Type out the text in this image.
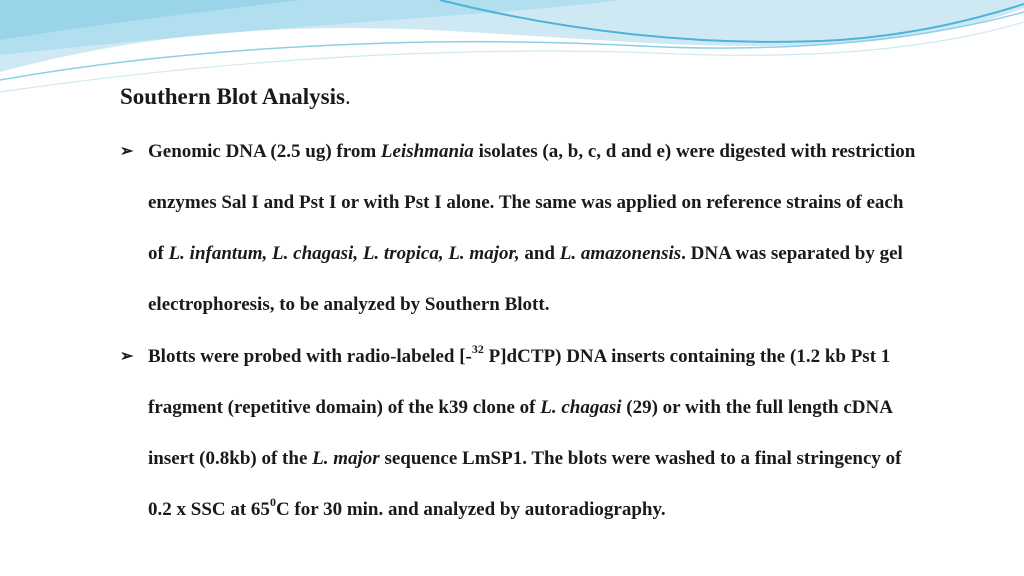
Southern Blot Analysis.
➢ Genomic DNA (2.5 ug) from Leishmania isolates (a, b, c, d and e) were digested with restriction
enzymes Sal I and Pst I or with Pst I alone. The same was applied on reference strains of each
of L. infantum, L. chagasi, L. tropica, L. major, and L. amazonensis. DNA was separated by gel
electrophoresis, to be analyzed by Southern Blott.
➢ Blotts were probed with radio-labeled [-$^{32}$ P]dCTP) DNA inserts containing the (1.2 kb Pst 1
fragment (repetitive domain) of the k39 clone of L. chagasi (29) or with the full length cDNA
insert (0.8kb) of the L. major sequence LmSP1. The blots were washed to a final stringency of
0.2 x SSC at $65^0C$ for 30 min. and analyzed by autoradiography.
